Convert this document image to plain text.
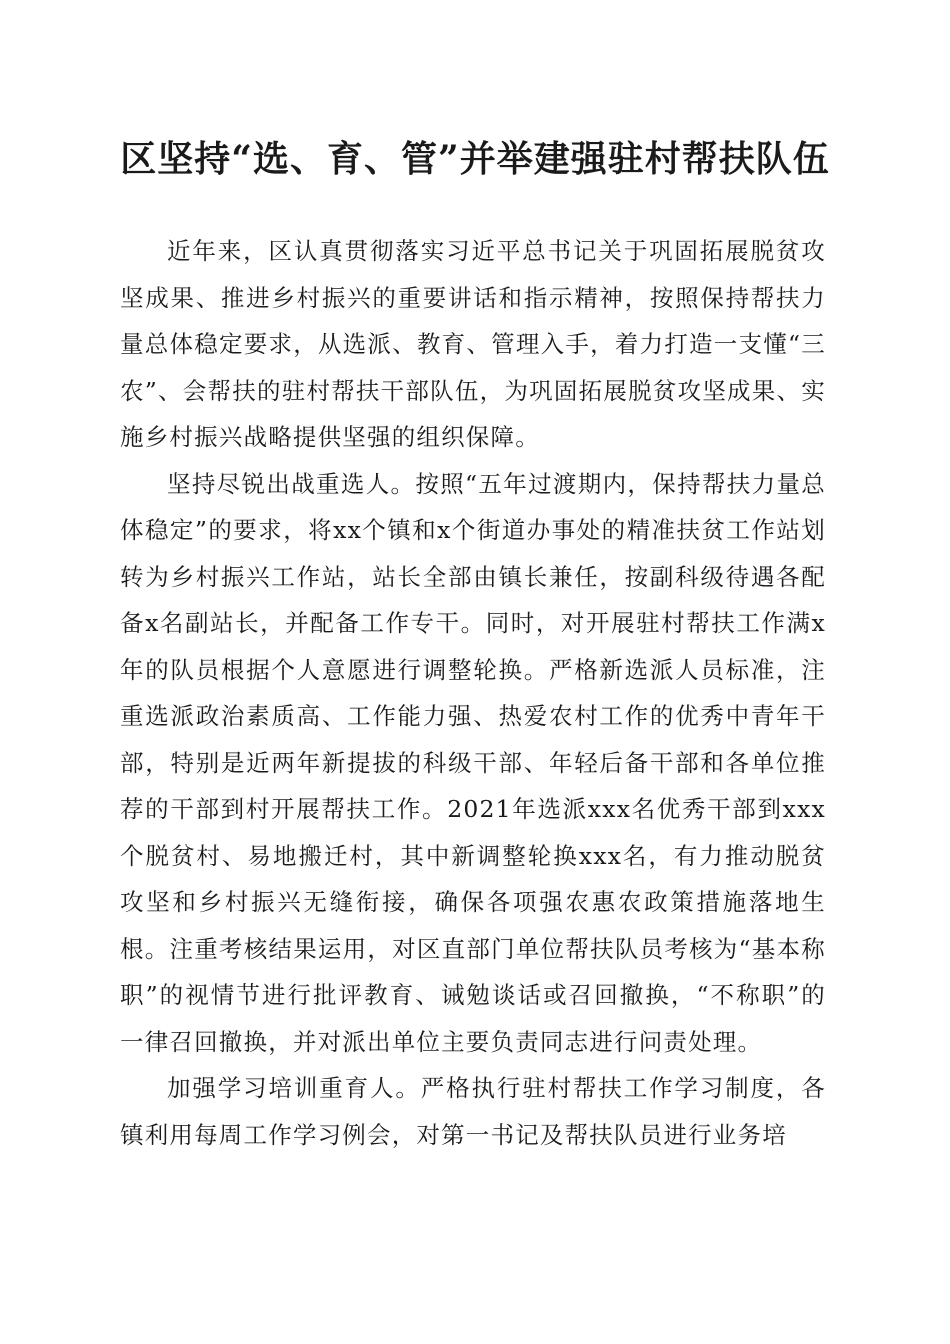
区坚持“选、育、管”并举建强驻村帮扶队伍

近年来，区认真贯彻落实习近平总书记关于巩固拓展脱贫攻坚成果、推进乡村振兴的重要讲话和指示精神，按照保持帮扶力量总体稳定要求，从选派、教育、管理入手，着力打造一支懂“三农”、会帮扶的驻村帮扶干部队伍，为巩固拓展脱贫攻坚成果、实施乡村振兴战略提供坚强的组织保障。

坚持尽锐出战重选人。按照“五年过渡期内，保持帮扶力量总体稳定”的要求，将xx个镇和x个街道办事处的精准扶贫工作站划转为乡村振兴工作站，站长全部由镇长兼任，按副科级待遇各配备x名副站长，并配备工作专干。同时，对开展驻村帮扶工作满x年的队员根据个人意愿进行调整轮换。严格新选派人员标准，注重选派政治素质高、工作能力强、热爱农村工作的优秀中青年干部，特别是近两年新提拔的科级干部、年轻后备干部和各单位推荐的干部到村开展帮扶工作。2021年选派xxx名优秀干部到xxx个脱贫村、易地搬迁村，其中新调整轮换xxx名，有力推动脱贫攻坚和乡村振兴无缝衔接，确保各项强农惠农政策措施落地生根。注重考核结果运用，对区直部门单位帮扶队员考核为“基本称职”的视情节进行批评教育、诫勉谈话或召回撤换，“不称职”的一律召回撤换，并对派出单位主要负责同志进行问责处理。

加强学习培训重育人。严格执行驻村帮扶工作学习制度，各镇利用每周工作学习例会，对第一书记及帮扶队员进行业务培
